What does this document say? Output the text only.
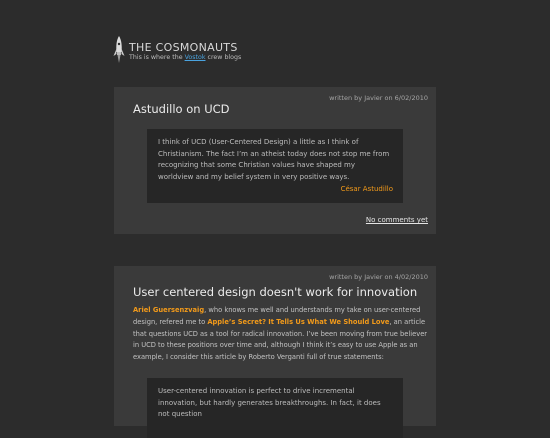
THE COSMONAUTS
This is where the Vostok crew blogs
written by Javier on 6/02/2010
Astudillo on UCD

I think of UCD (User-Centered Design) a little as I think of Christianism. The fact I’m an atheist today does not stop me from recognizing that some Christian values have shaped my worldview and my belief system in very positive ways.

César Astudillo
No comments yet
written by Javier on 4/02/2010
User centered design doesn't work for innovation

Ariel Guersenzvaig, who knows me well and understands my take on user-centered design, refered me to Apple’s Secret? It Tells Us What We Should Love, an article that questions UCD as a tool for radical innovation. I’ve been moving from true believer in UCD to these positions over time and, although I think it’s easy to use Apple as an example, I consider this article by Roberto Verganti full of true statements:

User-centered innovation is perfect to drive incremental innovation, but hardly generates breakthroughs. In fact, it does not question
